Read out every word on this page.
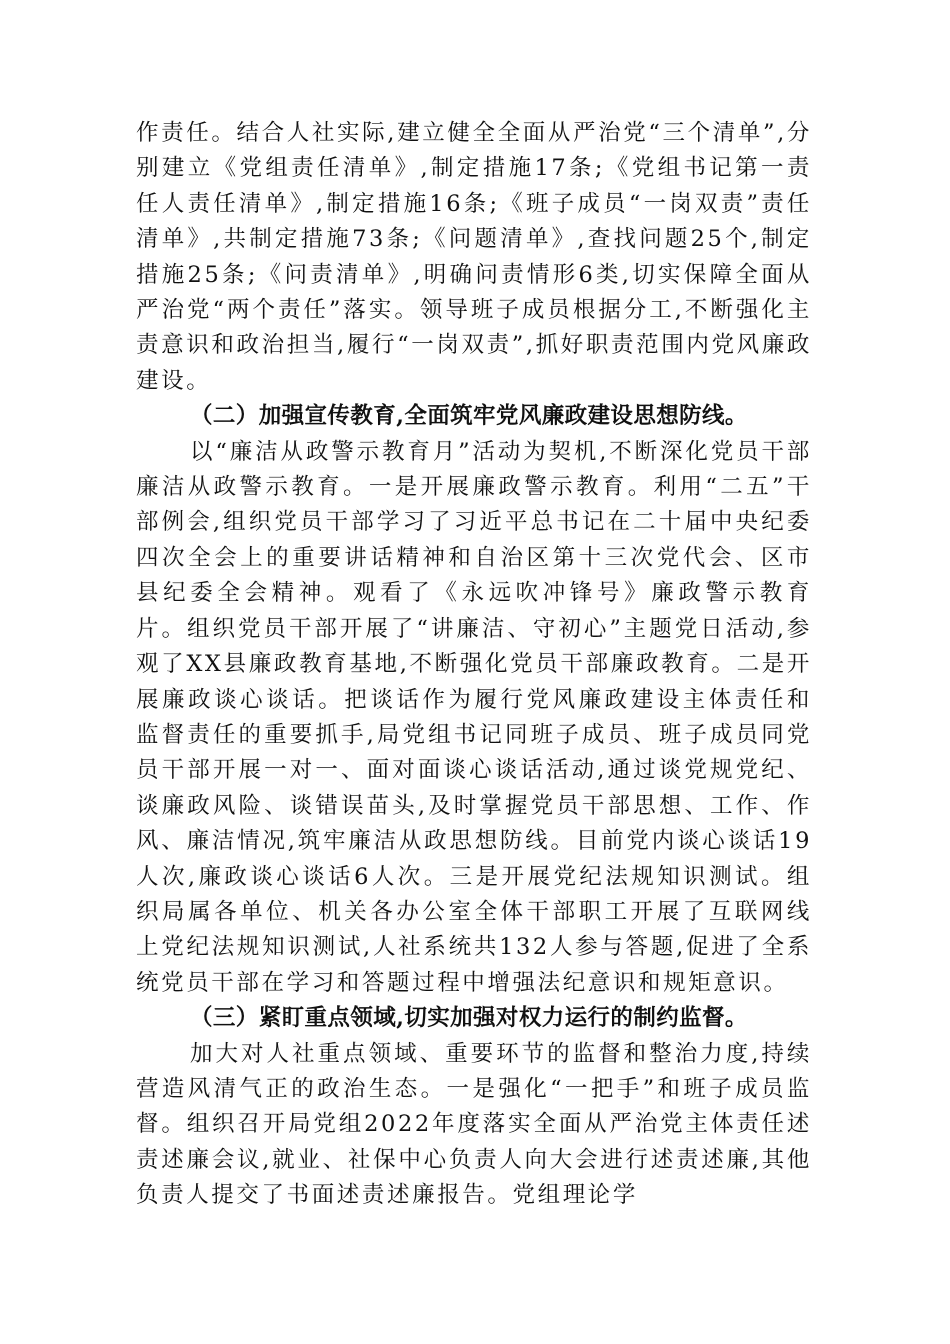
作责任。结合人社实际,建立健全全面从严治党“三个清单”,分别建立《党组责任清单》,制定措施17条;《党组书记第一责任人责任清单》,制定措施16条;《班子成员“一岗双责”责任清单》,共制定措施73条;《问题清单》,查找问题25个,制定措施25条;《问责清单》,明确问责情形6类,切实保障全面从严治党“两个责任”落实。领导班子成员根据分工,不断强化主责意识和政治担当,履行“一岗双责”,抓好职责范围内党风廉政建设。

（二）加强宣传教育,全面筑牢党风廉政建设思想防线。

以“廉洁从政警示教育月”活动为契机,不断深化党员干部廉洁从政警示教育。一是开展廉政警示教育。利用“二五”干部例会,组织党员干部学习了习近平总书记在二十届中央纪委四次全会上的重要讲话精神和自治区第十三次党代会、区市县纪委全会精神。观看了《永远吹冲锋号》廉政警示教育片。组织党员干部开展了“讲廉洁、守初心”主题党日活动,参观了XX县廉政教育基地,不断强化党员干部廉政教育。二是开展廉政谈心谈话。把谈话作为履行党风廉政建设主体责任和监督责任的重要抓手,局党组书记同班子成员、班子成员同党员干部开展一对一、面对面谈心谈话活动,通过谈党规党纪、谈廉政风险、谈错误苗头,及时掌握党员干部思想、工作、作风、廉洁情况,筑牢廉洁从政思想防线。目前党内谈心谈话19人次,廉政谈心谈话6人次。三是开展党纪法规知识测试。组织局属各单位、机关各办公室全体干部职工开展了互联网线上党纪法规知识测试,人社系统共132人参与答题,促进了全系统党员干部在学习和答题过程中增强法纪意识和规矩意识。

（三）紧盯重点领域,切实加强对权力运行的制约监督。

加大对人社重点领域、重要环节的监督和整治力度,持续营造风清气正的政治生态。一是强化“一把手”和班子成员监督。组织召开局党组2022年度落实全面从严治党主体责任述责述廉会议,就业、社保中心负责人向大会进行述责述廉,其他负责人提交了书面述责述廉报告。党组理论学
